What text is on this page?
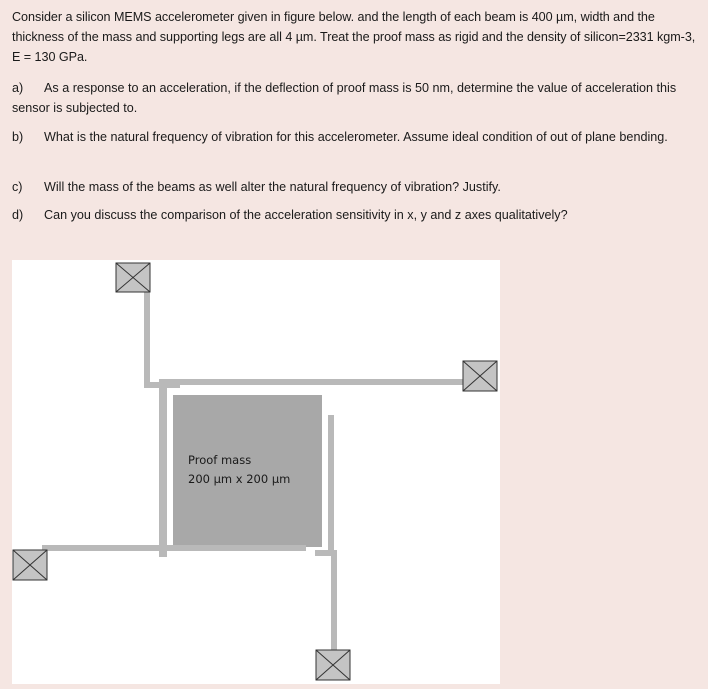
Consider a silicon MEMS accelerometer given in figure below. and the length of each beam is 400 µm, width and the thickness of the mass and supporting legs are all 4 µm. Treat the proof mass as rigid and the density of silicon=2331 kgm-3, E = 130 GPa.
a) As a response to an acceleration, if the deflection of proof mass is 50 nm, determine the value of acceleration this sensor is subjected to.
b) What is the natural frequency of vibration for this accelerometer. Assume ideal condition of out of plane bending.
c) Will the mass of the beams as well alter the natural frequency of vibration? Justify.
d) Can you discuss the comparison of the acceleration sensitivity in x, y and z axes qualitatively?
Proof mass
200 µm x 200 µm
